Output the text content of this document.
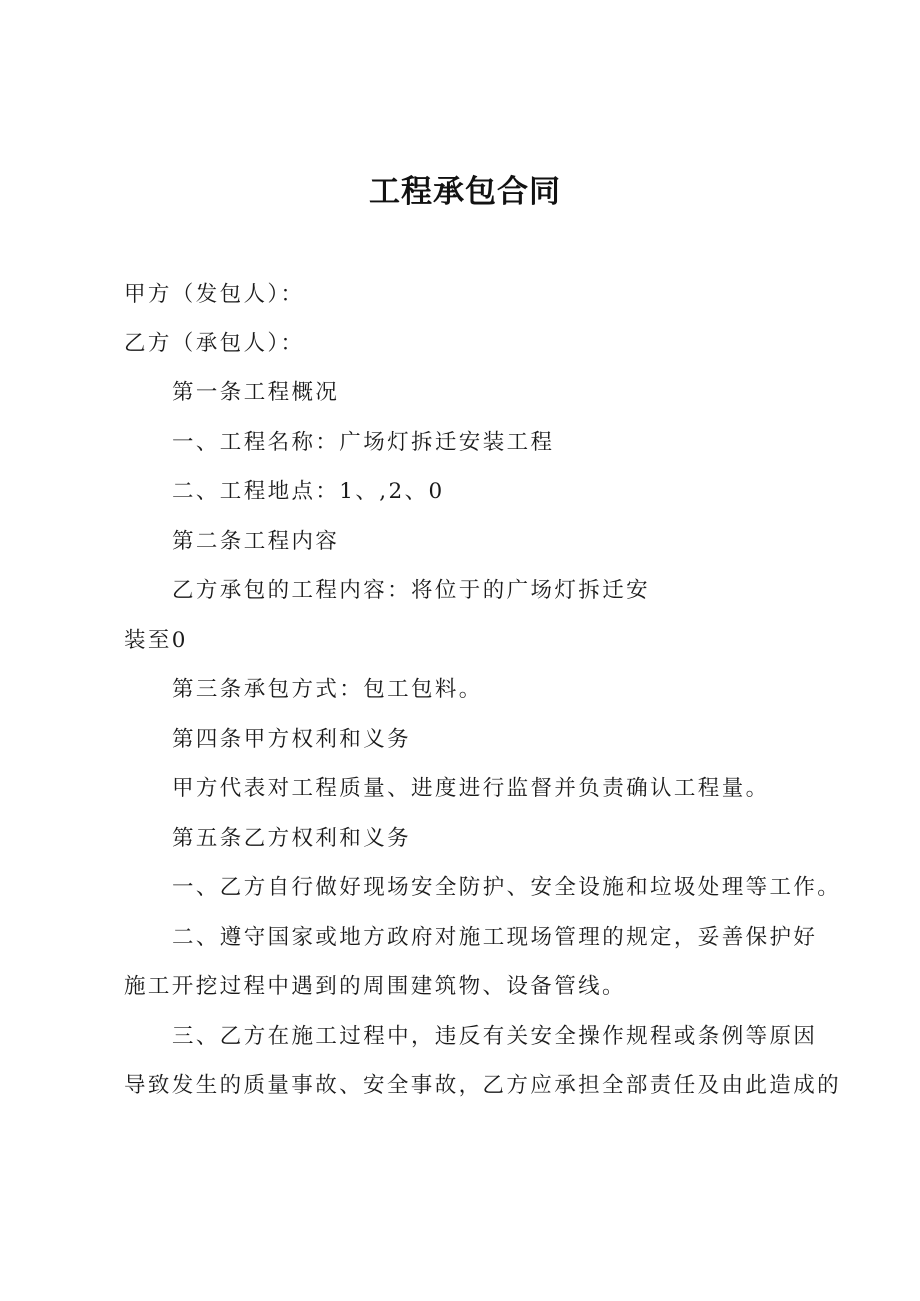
工程承包合同
甲方（发包人）：
乙方（承包人）：
第一条工程概况
一、工程名称：广场灯拆迁安装工程
二、工程地点：1、,2、0
第二条工程内容
乙方承包的工程内容：将位于的广场灯拆迁安
装至0
第三条承包方式：包工包料。
第四条甲方权利和义务
甲方代表对工程质量、进度进行监督并负责确认工程量。
第五条乙方权利和义务
一、乙方自行做好现场安全防护、安全设施和垃圾处理等工作。
二、遵守国家或地方政府对施工现场管理的规定，妥善保护好
施工开挖过程中遇到的周围建筑物、设备管线。
三、乙方在施工过程中，违反有关安全操作规程或条例等原因
导致发生的质量事故、安全事故，乙方应承担全部责任及由此造成的
